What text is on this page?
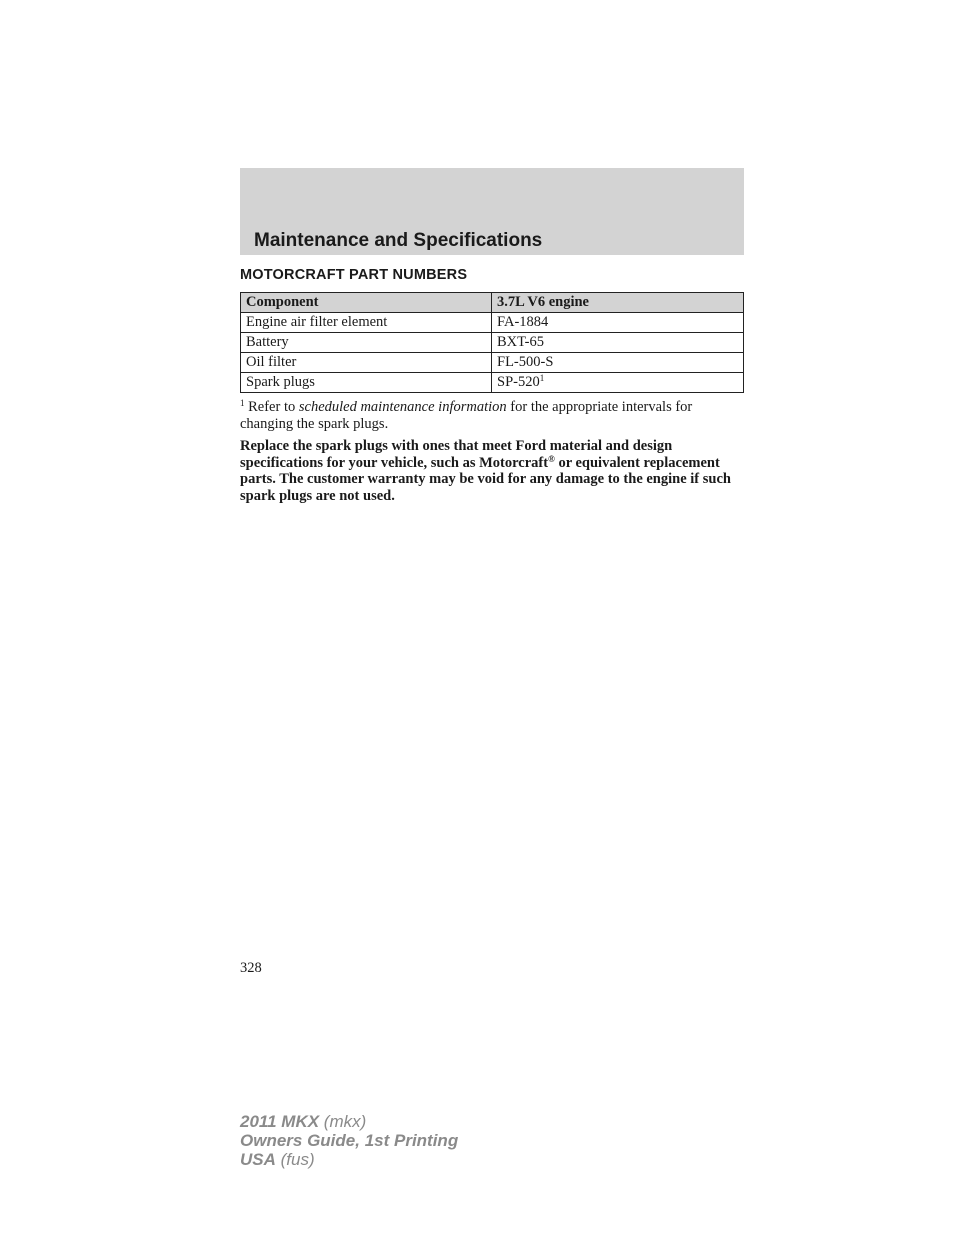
Maintenance and Specifications
MOTORCRAFT PART NUMBERS
Component	3.7L V6 engine
Engine air filter element	FA-1884
Battery	BXT-65
Oil filter	FL-500-S
Spark plugs	$SP-520^1$

$^1$ Refer to scheduled maintenance information for the appropriate intervals for changing the spark plugs.

Replace the spark plugs with ones that meet Ford material and design specifications for your vehicle, such as Motorcraft® or equivalent replacement parts. The customer warranty may be void for any damage to the engine if such spark plugs are not used.

328

2011 MKX (mkx)
Owners Guide, 1st Printing
USA (fus)
